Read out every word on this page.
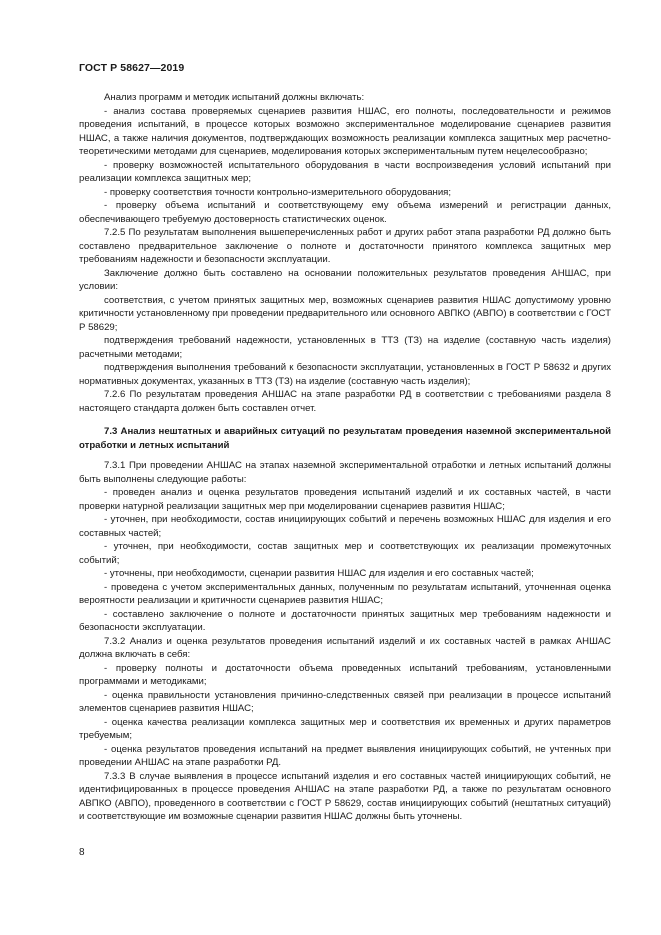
ГОСТ Р 58627—2019
Анализ программ и методик испытаний должны включать:
- анализ состава проверяемых сценариев развития НШАС, его полноты, последовательности и режимов проведения испытаний, в процессе которых возможно экспериментальное моделирование сценариев развития НШАС, а также наличия документов, подтверждающих возможность реализации комплекса защитных мер расчетно-теоретическими методами для сценариев, моделирования которых экспериментальным путем нецелесообразно;
- проверку возможностей испытательного оборудования в части воспроизведения условий испытаний при реализации комплекса защитных мер;
- проверку соответствия точности контрольно-измерительного оборудования;
- проверку объема испытаний и соответствующему ему объема измерений и регистрации данных, обеспечивающего требуемую достоверность статистических оценок.
7.2.5 По результатам выполнения вышеперечисленных работ и других работ этапа разработки РД должно быть составлено предварительное заключение о полноте и достаточности принятого комплекса защитных мер требованиям надежности и безопасности эксплуатации.
Заключение должно быть составлено на основании положительных результатов проведения АНШАС, при условии:
соответствия, с учетом принятых защитных мер, возможных сценариев развития НШАС допустимому уровню критичности установленному при проведении предварительного или основного АВПКО (АВПО) в соответствии с ГОСТ Р 58629;
подтверждения требований надежности, установленных в ТТЗ (ТЗ) на изделие (составную часть изделия) расчетными методами;
подтверждения выполнения требований к безопасности эксплуатации, установленных в ГОСТ Р 58632 и других нормативных документах, указанных в ТТЗ (ТЗ) на изделие (составную часть изделия);
7.2.6 По результатам проведения АНШАС на этапе разработки РД в соответствии с требованиями раздела 8 настоящего стандарта должен быть составлен отчет.
7.3 Анализ нештатных и аварийных ситуаций по результатам проведения наземной экспериментальной отработки и летных испытаний
7.3.1 При проведении АНШАС на этапах наземной экспериментальной отработки и летных испытаний должны быть выполнены следующие работы:
- проведен анализ и оценка результатов проведения испытаний изделий и их составных частей, в части проверки натурной реализации защитных мер при моделировании сценариев развития НШАС;
- уточнен, при необходимости, состав инициирующих событий и перечень возможных НШАС для изделия и его составных частей;
- уточнен, при необходимости, состав защитных мер и соответствующих их реализации промежуточных событий;
- уточнены, при необходимости, сценарии развития НШАС для изделия и его составных частей;
- проведена с учетом экспериментальных данных, полученным по результатам испытаний, уточненная оценка вероятности реализации и критичности сценариев развития НШАС;
- составлено заключение о полноте и достаточности принятых защитных мер требованиям надежности и безопасности эксплуатации.
7.3.2 Анализ и оценка результатов проведения испытаний изделий и их составных частей в рамках АНШАС должна включать в себя:
- проверку полноты и достаточности объема проведенных испытаний требованиям, установленными программами и методиками;
- оценка правильности установления причинно-следственных связей при реализации в процессе испытаний элементов сценариев развития НШАС;
- оценка качества реализации комплекса защитных мер и соответствия их временных и других параметров требуемым;
- оценка результатов проведения испытаний на предмет выявления инициирующих событий, не учтенных при проведении АНШАС на этапе разработки РД.
7.3.3 В случае выявления в процессе испытаний изделия и его составных частей инициирующих событий, не идентифицированных в процессе проведения АНШАС на этапе разработки РД, а также по результатам основного АВПКО (АВПО), проведенного в соответствии с ГОСТ Р 58629, состав инициирующих событий (нештатных ситуаций) и соответствующие им возможные сценарии развития НШАС должны быть уточнены.
8
